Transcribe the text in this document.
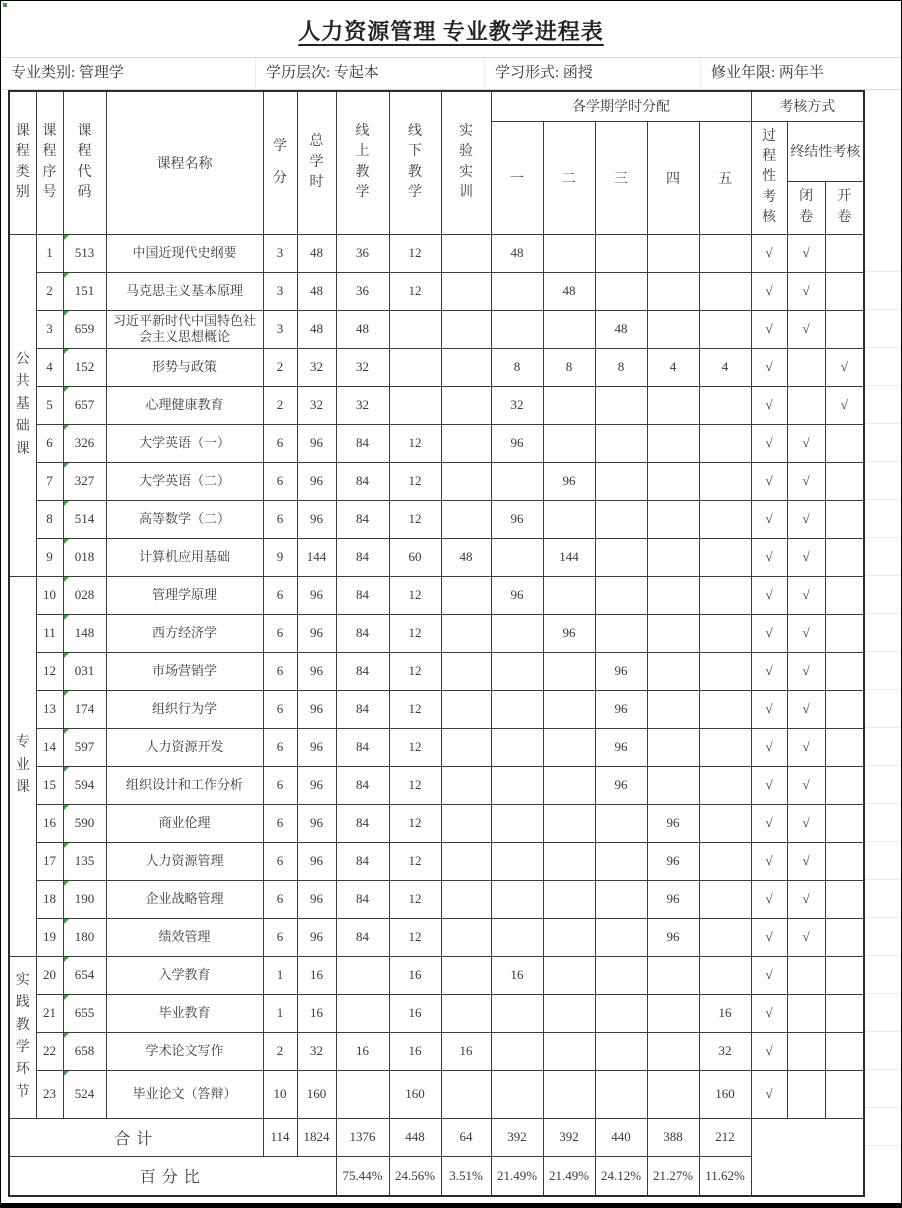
人力资源管理 专业教学进程表
专业类别: 管理学	学历层次: 专起本	学习形式: 函授	修业年限: 两年半
课程类别	课程序号	课程代码	课程名称	学分	总学时	线上教学	线下教学	实验实训	各学期学时分配					考核方式		
									一	二	三	四	五	过程性考核	终结性考核	
															闭卷	开卷
公共基础课	1	513	中国近现代史纲要	3	48	36	12		48					√	√	
	2	151	马克思主义基本原理	3	48	36	12			48				√	√	
	3	659	习近平新时代中国特色社会主义思想概论	3	48	48					48			√	√	
	4	152	形势与政策	2	32	32			8	8	8	4	4	√		√
	5	657	心理健康教育	2	32	32			32					√		√
	6	326	大学英语（一）	6	96	84	12		96					√	√	
	7	327	大学英语（二）	6	96	84	12			96				√	√	
	8	514	高等数学（二）	6	96	84	12		96					√	√	
	9	018	计算机应用基础	9	144	84	60	48		144				√	√	
专业课	10	028	管理学原理	6	96	84	12		96					√	√	
	11	148	西方经济学	6	96	84	12			96				√	√	
	12	031	市场营销学	6	96	84	12				96			√	√	
	13	174	组织行为学	6	96	84	12				96			√	√	
	14	597	人力资源开发	6	96	84	12				96			√	√	
	15	594	组织设计和工作分析	6	96	84	12				96			√	√	
	16	590	商业伦理	6	96	84	12					96		√	√	
	17	135	人力资源管理	6	96	84	12					96		√	√	
	18	190	企业战略管理	6	96	84	12					96		√	√	
	19	180	绩效管理	6	96	84	12					96		√	√	
实践教学环节	20	654	入学教育	1	16		16		16					√		
	21	655	毕业教育	1	16		16						16	√		
	22	658	学术论文写作	2	32	16	16	16					32	√		
	23	524	毕业论文（答辩）	10	160		160						160	√		
合计				114	1824	1376	448	64	392	392	440	388	212			
百分比						75.44%	24.56%	3.51%	21.49%	21.49%	24.12%	21.27%	11.62%			
